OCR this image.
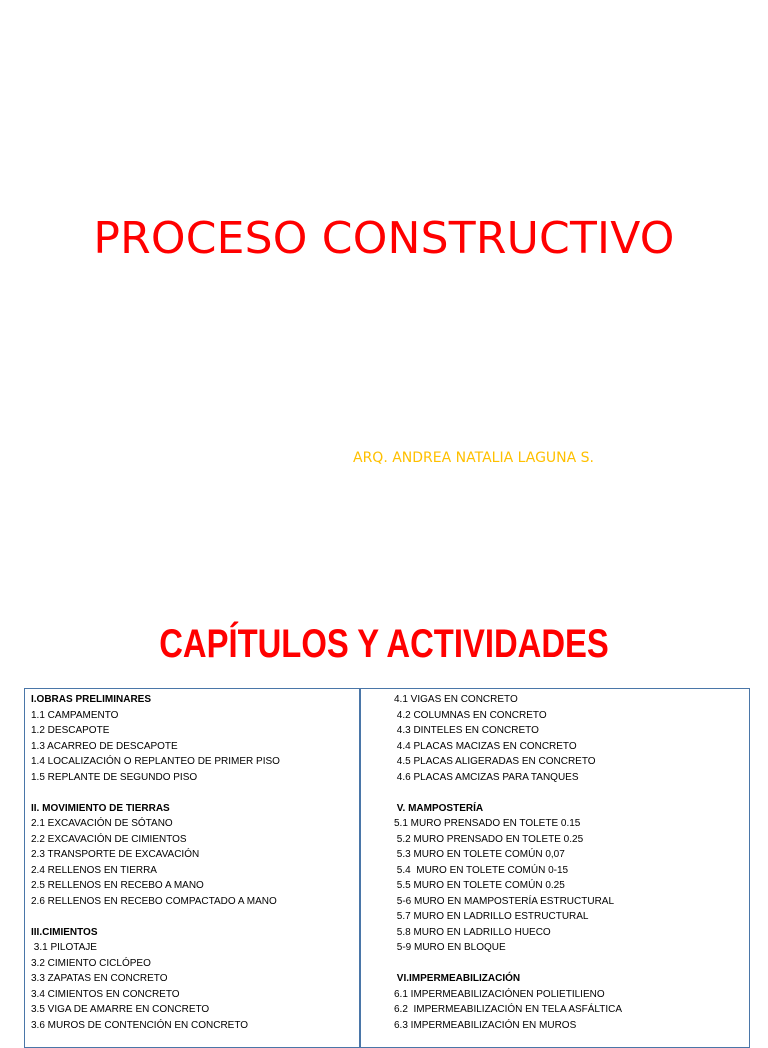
PROCESO CONSTRUCTIVO

ARQ. ANDREA NATALIA LAGUNA S.

CAPÍTULOS Y ACTIVIDADES
I.OBRAS PRELIMINARES
1.1 CAMPAMENTO
1.2 DESCAPOTE
1.3 ACARREO DE DESCAPOTE
1.4 LOCALIZACIÓN O REPLANTEO DE PRIMER PISO
1.5 REPLANTE DE SEGUNDO PISO
II. MOVIMIENTO DE TIERRAS
2.1 EXCAVACIÓN DE SÓTANO
2.2 EXCAVACIÓN DE CIMIENTOS
2.3 TRANSPORTE DE EXCAVACIÓN
2.4 RELLENOS EN TIERRA
2.5 RELLENOS EN RECEBO A MANO
2.6 RELLENOS EN RECEBO COMPACTADO A MANO
III.CIMIENTOS
3.1 PILOTAJE
3.2 CIMIENTO CICLÓPEO
3.3 ZAPATAS EN CONCRETO
3.4 CIMIENTOS EN CONCRETO
3.5 VIGA DE AMARRE EN CONCRETO
3.6 MUROS DE CONTENCIÓN EN CONCRETO
4.1 VIGAS EN CONCRETO
4.2 COLUMNAS EN CONCRETO
4.3 DINTELES EN CONCRETO
4.4 PLACAS MACIZAS EN CONCRETO
4.5 PLACAS ALIGERADAS EN CONCRETO
4.6 PLACAS AMCIZAS PARA TANQUES
V. MAMPOSTERÍA
5.1 MURO PRENSADO EN TOLETE 0.15
5.2 MURO PRENSADO EN TOLETE 0.25
5.3 MURO EN TOLETE COMÚN 0,07
5.4  MURO EN TOLETE COMÚN 0-15
5.5 MURO EN TOLETE COMÚN 0.25
5-6 MURO EN MAMPOSTERÍA ESTRUCTURAL
5.7 MURO EN LADRILLO ESTRUCTURAL
5.8 MURO EN LADRILLO HUECO
5-9 MURO EN BLOQUE
VI.IMPERMEABILIZACIÓN
6.1 IMPERMEABILIZACIÓNEN POLIETILIENO
6.2  IMPERMEABILIZACIÓN EN TELA ASFÁLTICA
6.3 IMPERMEABILIZACIÓN EN MUROS
